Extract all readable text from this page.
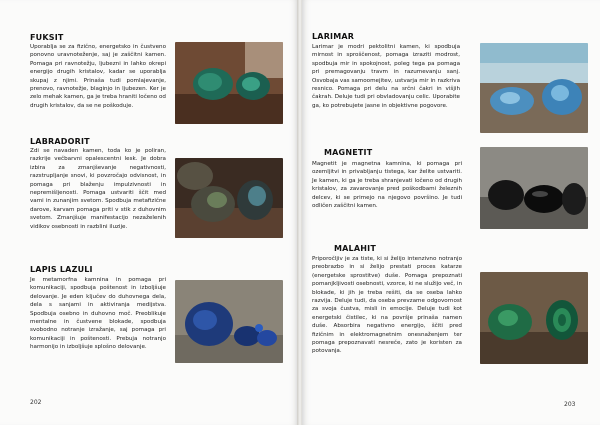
FUKSIT
Uporablja se za fizično, energetsko in čustveno ponovno uravnoteženje, saj je zaščitni kamen. Pomaga pri ravnotežju, ljubezni in lahko okrepi energijo drugih kristalov, kadar se uporablja skupaj z njimi. Prinaša tudi pomlajevanje, prenovo, ravnotežje, blaginjo in ljubezen. Ker je zelo mehak kamen, ga je treba hraniti ločeno od drugih kristalov, da se ne poškoduje.
LABRADORIT
Zdi se navaden kamen, toda ko je poliran, razkrije večbarvni opalescentni lesk. Je dobra izbira za zmanjševanje negativnosti, razstrupljanje snovi, ki povzročajo odvisnost, in pomaga pri blaženju impulzivnosti in nepremišljenosti. Pomaga ustvariti ščit med vami in zunanjim svetom. Spodbuja metafizične darove, karvam pomaga priti v stik z duhovnim svetom. Zmanjšuje manifestacijo nezaželenih vidikov osebnosti in razblini iluzije.
LAPIS LAZULI
Je metamorfna kamnina in pomaga pri komunikaciji, spodbuja poštenost in izboljšuje delovanje. Je eden ključev do duhovnega dela, dela s sanjami in aktiviranja medijstva. Spodbuja osebno in duhovno moč. Preoblikuje mentalne in čustvene blokade, spodbuja svobodno notranje izražanje, saj pomaga pri komunikaciji in poštenosti. Prebuja notranjo harmonijo in izboljšuje splošno delovanje.
202
LARIMAR
Larimar je modri pektolitni kamen, ki spodbuja mirnost in sproščenost, pomaga izraziti modrost, spodbuja mir in spokojnost, poleg tega pa pomaga pri premagovanju travm in razumevanju sanj. Osvobaja vas samoomejitev, ustvarja mir in razkriva resnico. Pomaga pri delu na srčni čakri in višjih čakrah. Deluje tudi pri obvladovanju celic. Uporabite ga, ko potrebujete jasne in objektivne pogovore.
MAGNETIT
Magnetit je magnetna kamnina, ki pomaga pri ozemljitvi in privabljanju tistega, kar želite ustvariti. Je kamen, ki ga je treba shranjevati ločeno od drugih kristalov, za zavarovanje pred poškodbami železnih delcev, ki se primejo na njegovo površino. Je tudi odličen zaščitni kamen.
MALAHIT
Priporočljiv je za tiste, ki si želijo intenzivno notranjo preobrazbo in si želijo prestati proces katarze (energetske sprostitve) duše. Pomaga prepoznati pomanjkljivosti osebnosti, vzorce, ki ne služijo več, in blokade, ki jih je treba rešiti, da se oseba lahko razvija. Deluje tudi, da oseba prevzame odgovornost za svoja čustva, misli in emocije. Deluje tudi kot energetski čistilec, ki na površje prinaša namen duše. Absorbira negativno energijo, ščiti pred fizičnim in elektromagnetnim onesnaženjem ter pomaga prepoznavati nesreče, zato je koristen za potovanja.
203
